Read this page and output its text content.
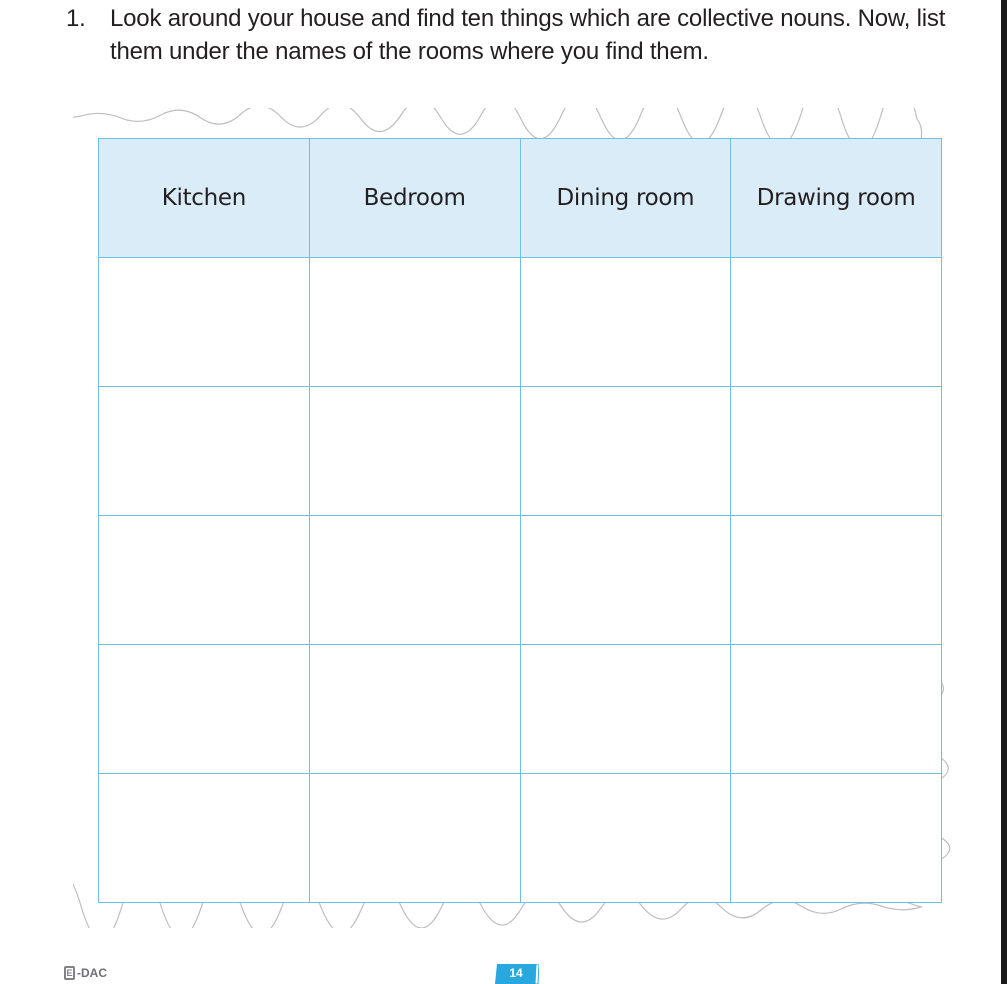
1. Look around your house and find ten things which are collective nouns. Now, list them under the names of the rooms where you find them.
Kitchen	Bedroom	Dining room	Drawing room

E -DAC	14
